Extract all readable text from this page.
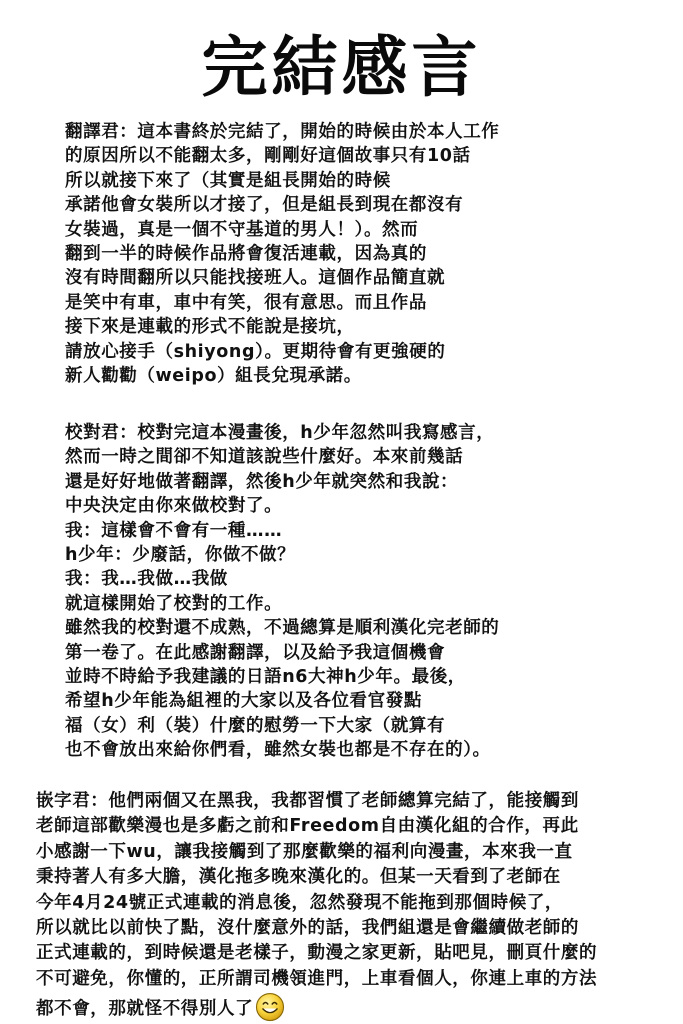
完結感言
翻譯君：這本書終於完結了，開始的時候由於本人工作
的原因所以不能翻太多，剛剛好這個故事只有10話
所以就接下來了（其實是組長開始的時候
承諾他會女裝所以才接了，但是組長到現在都沒有
女裝過，真是一個不守基道的男人！）。然而
翻到一半的時候作品將會復活連載，因為真的
沒有時間翻所以只能找接班人。這個作品簡直就
是笑中有車，車中有笑，很有意思。而且作品
接下來是連載的形式不能說是接坑，
請放心接手（shiyong）。更期待會有更強硬的
新人勸勸（weipo）組長兌現承諾。
校對君：校對完這本漫畫後，h少年忽然叫我寫感言，
然而一時之間卻不知道該說些什麼好。本來前幾話
還是好好地做著翻譯，然後h少年就突然和我說：
中央決定由你來做校對了。
我：這樣會不會有一種……
h少年：少廢話，你做不做？
我：我…我做…我做
就這樣開始了校對的工作。
雖然我的校對還不成熟，不過總算是順利漢化完老師的
第一卷了。在此感謝翻譯，以及給予我這個機會
並時不時給予我建議的日語n6大神h少年。最後，
希望h少年能為組裡的大家以及各位看官發點
福（女）利（裝）什麼的慰勞一下大家（就算有
也不會放出來給你們看，雖然女裝也都是不存在的）。
嵌字君：他們兩個又在黑我，我都習慣了老師總算完結了，能接觸到
老師這部歡樂漫也是多虧之前和Freedom自由漢化組的合作，再此
小感謝一下wu，讓我接觸到了那麼歡樂的福利向漫畫，本來我一直
秉持著人有多大膽，漢化拖多晚來漢化的。但某一天看到了老師在
今年4月24號正式連載的消息後，忽然發現不能拖到那個時候了，
所以就比以前快了點，沒什麼意外的話，我們組還是會繼續做老師的
正式連載的，到時候還是老樣子，動漫之家更新，貼吧見，刪頁什麼的
不可避免，你懂的，正所謂司機領進門，上車看個人，你連上車的方法
都不會，那就怪不得別人了
